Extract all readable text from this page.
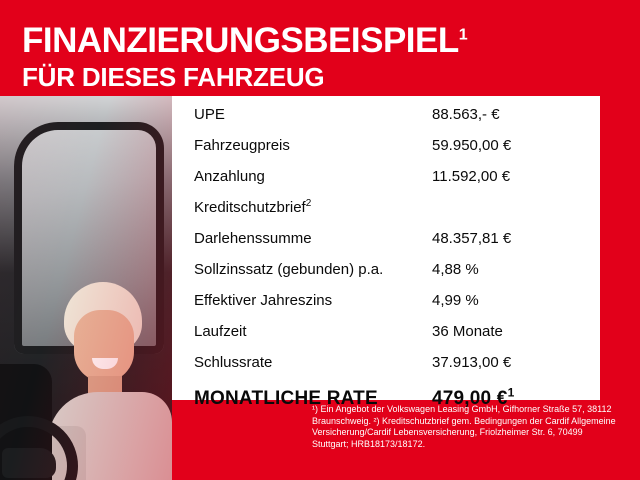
FINANZIERUNGSBEISPIEL$^1$
FÜR DIESES FAHRZEUG
UPE	88.563,- €
Fahrzeugpreis	59.950,00 €
Anzahlung	11.592,00 €
Kreditschutzbrief$^2$
Darlehenssumme	48.357,81 €
Sollzinssatz (gebunden) p.a.	4,88 %
Effektiver Jahreszins	4,99 %
Laufzeit	36 Monate
Schlussrate	37.913,00 €
MONATLICHE RATE	479,00 €$^1$
¹) Ein Angebot der Volkswagen Leasing GmbH, Gifhorner Straße 57, 38112 Braunschweig. ²) Kreditschutzbrief gem. Bedingungen der Cardif Allgemeine Versicherung/Cardif Lebensversicherung, Friolzheimer Str. 6, 70499 Stuttgart; HRB18173/18172.
